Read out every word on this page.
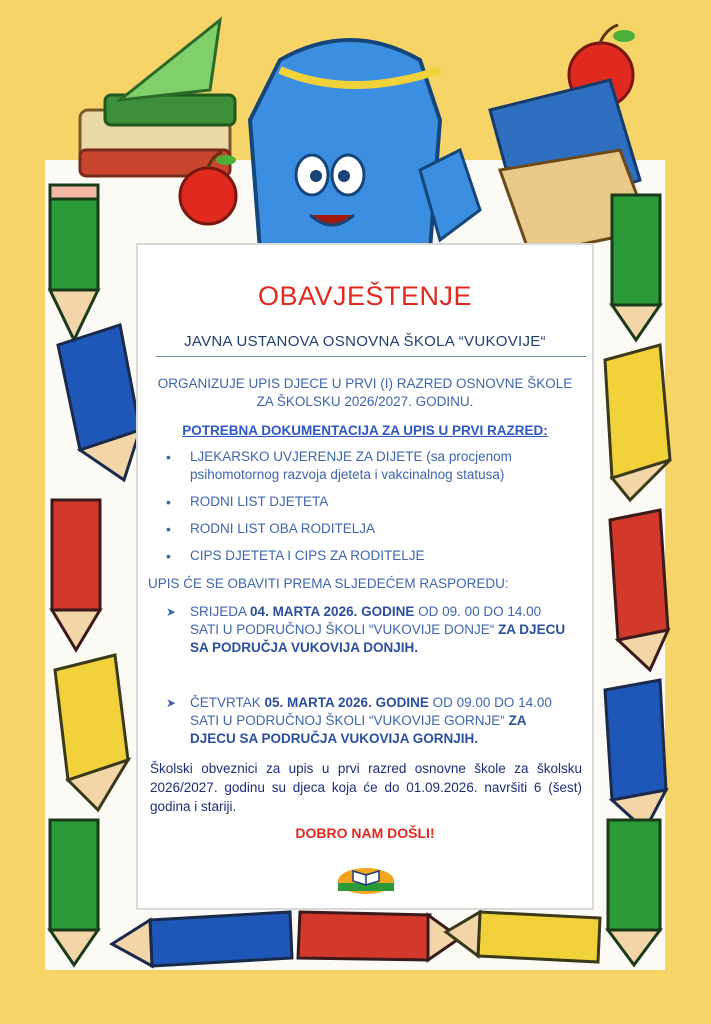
OBAVJEŠTENJE
JAVNA USTANOVA OSNOVNA ŠKOLA “VUKOVIJE“
ORGANIZUJE UPIS DJECE U PRVI (I) RAZRED OSNOVNE ŠKOLE ZA ŠKOLSKU 2026/2027. GODINU.
POTREBNA DOKUMENTACIJA ZA UPIS U PRVI RAZRED:
• LJEKARSKO UVJERENJE ZA DIJETE (sa procjenom psihomotornog razvoja djeteta i vakcinalnog statusa)
• RODNI LIST DJETETA
• RODNI LIST OBA RODITELJA
• CIPS DJETETA I CIPS ZA RODITELJE
UPIS ĆE SE OBAVITI PREMA SLJEDEĆEM RASPOREDU:
➤ SRIJEDA 04. MARTA 2026. GODINE OD 09. 00 DO 14.00 SATI U PODRUČNOJ ŠKOLI “VUKOVIJE DONJE“ ZA DJECU SA PODRUČJA VUKOVIJA DONJIH.
➤ ČETVRTAK 05. MARTA 2026. GODINE OD 09.00 DO 14.00 SATI U PODRUČNOJ ŠKOLI “VUKOVIJE GORNJE“ ZA DJECU SA PODRUČJA VUKOVIJA GORNJIH.
Školski obveznici za upis u prvi razred osnovne škole za školsku 2026/2027. godinu su djeca koja će do 01.09.2026. navršiti 6 (šest) godina i stariji.
DOBRO NAM DOŠLI!
